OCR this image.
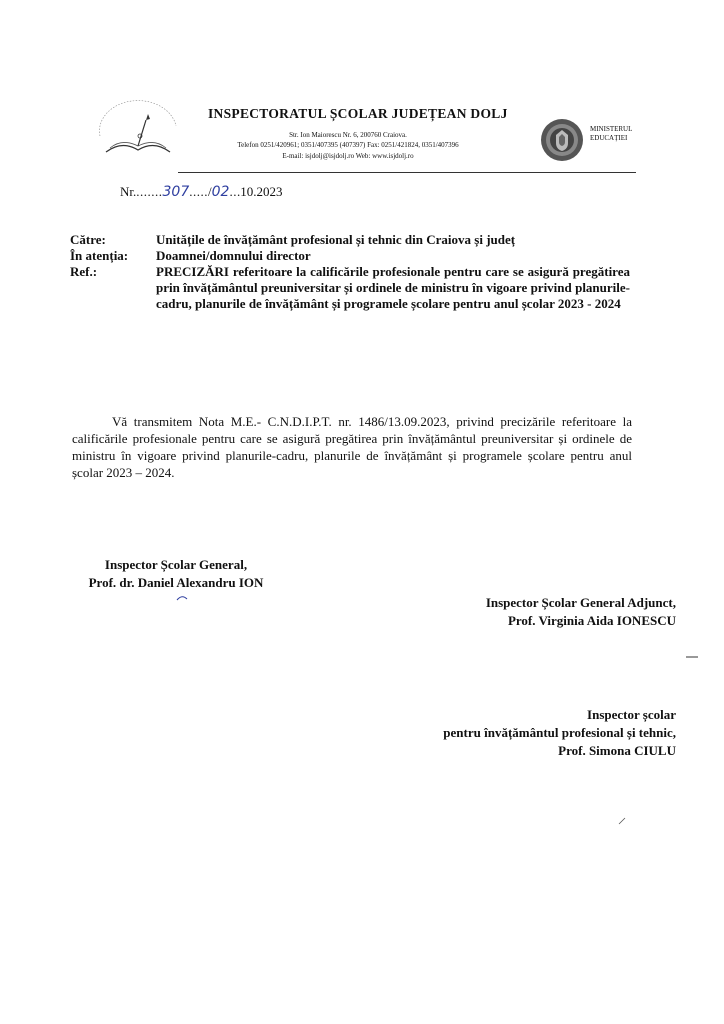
INSPECTORATUL ȘCOLAR JUDEȚEAN DOLJ
Str. Ion Maiorescu Nr. 6, 200760 Craiova.
Telefon 0251/420961; 0351/407395 (407397) Fax: 0251/421824, 0351/407396
E-mail: isjdolj@isjdolj.ro Web: www.isjdolj.ro
MINISTERUL EDUCAȚIEI
Nr........307...../02...10.2023
Către:	Unitățile de învățământ profesional și tehnic din Craiova și județ
În atenția:	Doamnei/domnului director
Ref.:	PRECIZĂRI referitoare la calificările profesionale pentru care se asigură pregătirea prin învățământul preuniversitar și ordinele de ministru în vigoare privind planurile-cadru, planurile de învățământ și programele școlare pentru anul școlar 2023 - 2024
Vă transmitem Nota M.E.- C.N.D.I.P.T. nr. 1486/13.09.2023, privind precizările referitoare la calificările profesionale pentru care se asigură pregătirea prin învățământul preuniversitar și ordinele de ministru în vigoare privind planurile-cadru, planurile de învățământ și programele școlare pentru anul școlar 2023 – 2024.
Inspector Școlar General,
Prof. dr. Daniel Alexandru ION
Inspector Școlar General Adjunct,
Prof. Virginia Aida IONESCU
Inspector școlar
pentru învățământul profesional și tehnic,
Prof. Simona CIULU
